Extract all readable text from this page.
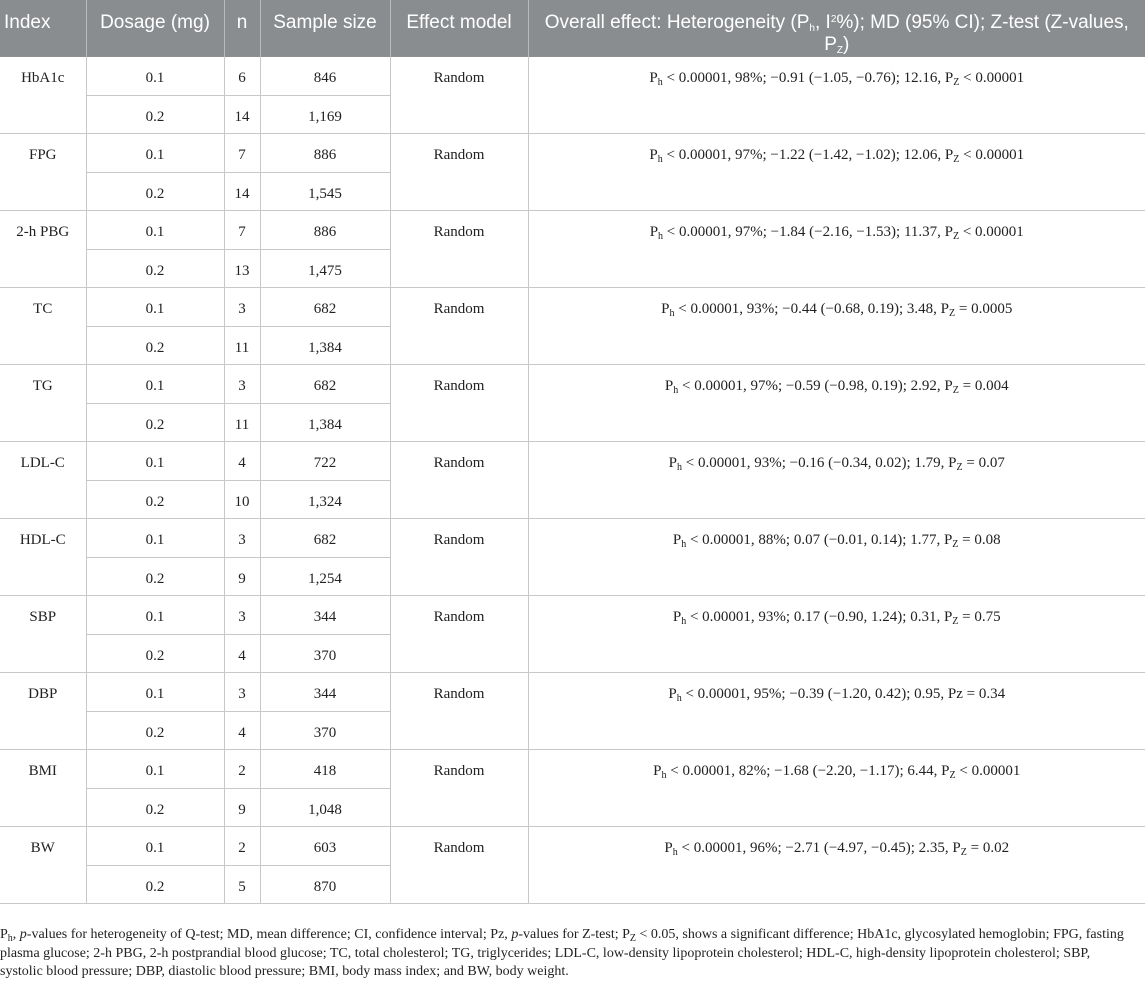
Index	Dosage (mg)	n	Sample size	Effect model	Overall effect: Heterogeneity ($P_h$, $I^2\%$); MD (95% CI); Z-test (Z-values, $P_Z$)
HbA1c	0.1	6	846	Random	$P_h < 0.00001$, 98%; −0.91 (−1.05, −0.76); 12.16, $P_Z < 0.00001$
	0.2	14	1,169		
FPG	0.1	7	886	Random	$P_h < 0.00001$, 97%; −1.22 (−1.42, −1.02); 12.06, $P_Z < 0.00001$
	0.2	14	1,545		
2-h PBG	0.1	7	886	Random	$P_h < 0.00001$, 97%; −1.84 (−2.16, −1.53); 11.37, $P_Z < 0.00001$
	0.2	13	1,475		
TC	0.1	3	682	Random	$P_h < 0.00001$, 93%; −0.44 (−0.68, 0.19); 3.48, $P_Z = 0.0005$
	0.2	11	1,384		
TG	0.1	3	682	Random	$P_h < 0.00001$, 97%; −0.59 (−0.98, 0.19); 2.92, $P_Z = 0.004$
	0.2	11	1,384		
LDL-C	0.1	4	722	Random	$P_h < 0.00001$, 93%; −0.16 (−0.34, 0.02); 1.79, $P_Z = 0.07$
	0.2	10	1,324		
HDL-C	0.1	3	682	Random	$P_h < 0.00001$, 88%; 0.07 (−0.01, 0.14); 1.77, $P_Z = 0.08$
	0.2	9	1,254		
SBP	0.1	3	344	Random	$P_h < 0.00001$, 93%; 0.17 (−0.90, 1.24); 0.31, $P_Z = 0.75$
	0.2	4	370		
DBP	0.1	3	344	Random	$P_h < 0.00001$, 95%; −0.39 (−1.20, 0.42); 0.95, Pz = 0.34
	0.2	4	370		
BMI	0.1	2	418	Random	$P_h < 0.00001$, 82%; −1.68 (−2.20, −1.17); 6.44, $P_Z < 0.00001$
	0.2	9	1,048		
BW	0.1	2	603	Random	$P_h < 0.00001$, 96%; −2.71 (−4.97, −0.45); 2.35, $P_Z = 0.02$
	0.2	5	870		

$P_h$, p-values for heterogeneity of Q-test; MD, mean difference; CI, confidence interval; Pz, p-values for Z-test; $P_Z < 0.05$, shows a significant difference; HbA1c, glycosylated hemoglobin; FPG, fasting plasma glucose; 2-h PBG, 2-h postprandial blood glucose; TC, total cholesterol; TG, triglycerides; LDL-C, low-density lipoprotein cholesterol; HDL-C, high-density lipoprotein cholesterol; SBP, systolic blood pressure; DBP, diastolic blood pressure; BMI, body mass index; and BW, body weight.
